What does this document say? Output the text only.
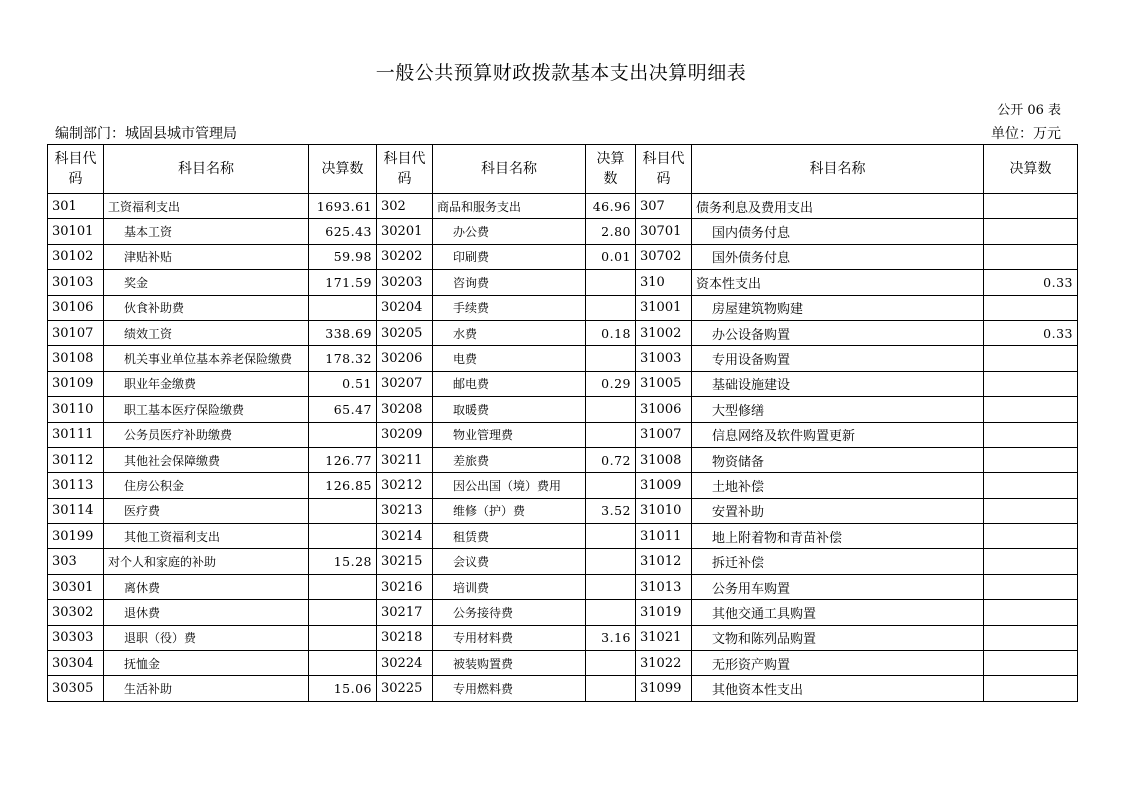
一般公共预算财政拨款基本支出决算明细表
公开 06 表
编制部门：城固县城市管理局	单位：万元
科目代码	科目名称	决算数	科目代码	科目名称	决算数	科目代码	科目名称	决算数
301	工资福利支出	1693.61	302	商品和服务支出	46.96	307	债务利息及费用支出	
30101	基本工资	625.43	30201	办公费	2.80	30701	国内债务付息	
30102	津贴补贴	59.98	30202	印刷费	0.01	30702	国外债务付息	
30103	奖金	171.59	30203	咨询费		310	资本性支出	0.33
30106	伙食补助费		30204	手续费		31001	房屋建筑物购建	
30107	绩效工资	338.69	30205	水费	0.18	31002	办公设备购置	0.33
30108	机关事业单位基本养老保险缴费	178.32	30206	电费		31003	专用设备购置	
30109	职业年金缴费	0.51	30207	邮电费	0.29	31005	基础设施建设	
30110	职工基本医疗保险缴费	65.47	30208	取暖费		31006	大型修缮	
30111	公务员医疗补助缴费		30209	物业管理费		31007	信息网络及软件购置更新	
30112	其他社会保障缴费	126.77	30211	差旅费	0.72	31008	物资储备	
30113	住房公积金	126.85	30212	因公出国（境）费用		31009	土地补偿	
30114	医疗费		30213	维修（护）费	3.52	31010	安置补助	
30199	其他工资福利支出		30214	租赁费		31011	地上附着物和青苗补偿	
303	对个人和家庭的补助	15.28	30215	会议费		31012	拆迁补偿	
30301	离休费		30216	培训费		31013	公务用车购置	
30302	退休费		30217	公务接待费		31019	其他交通工具购置	
30303	退职（役）费		30218	专用材料费	3.16	31021	文物和陈列品购置	
30304	抚恤金		30224	被装购置费		31022	无形资产购置	
30305	生活补助	15.06	30225	专用燃料费		31099	其他资本性支出	
